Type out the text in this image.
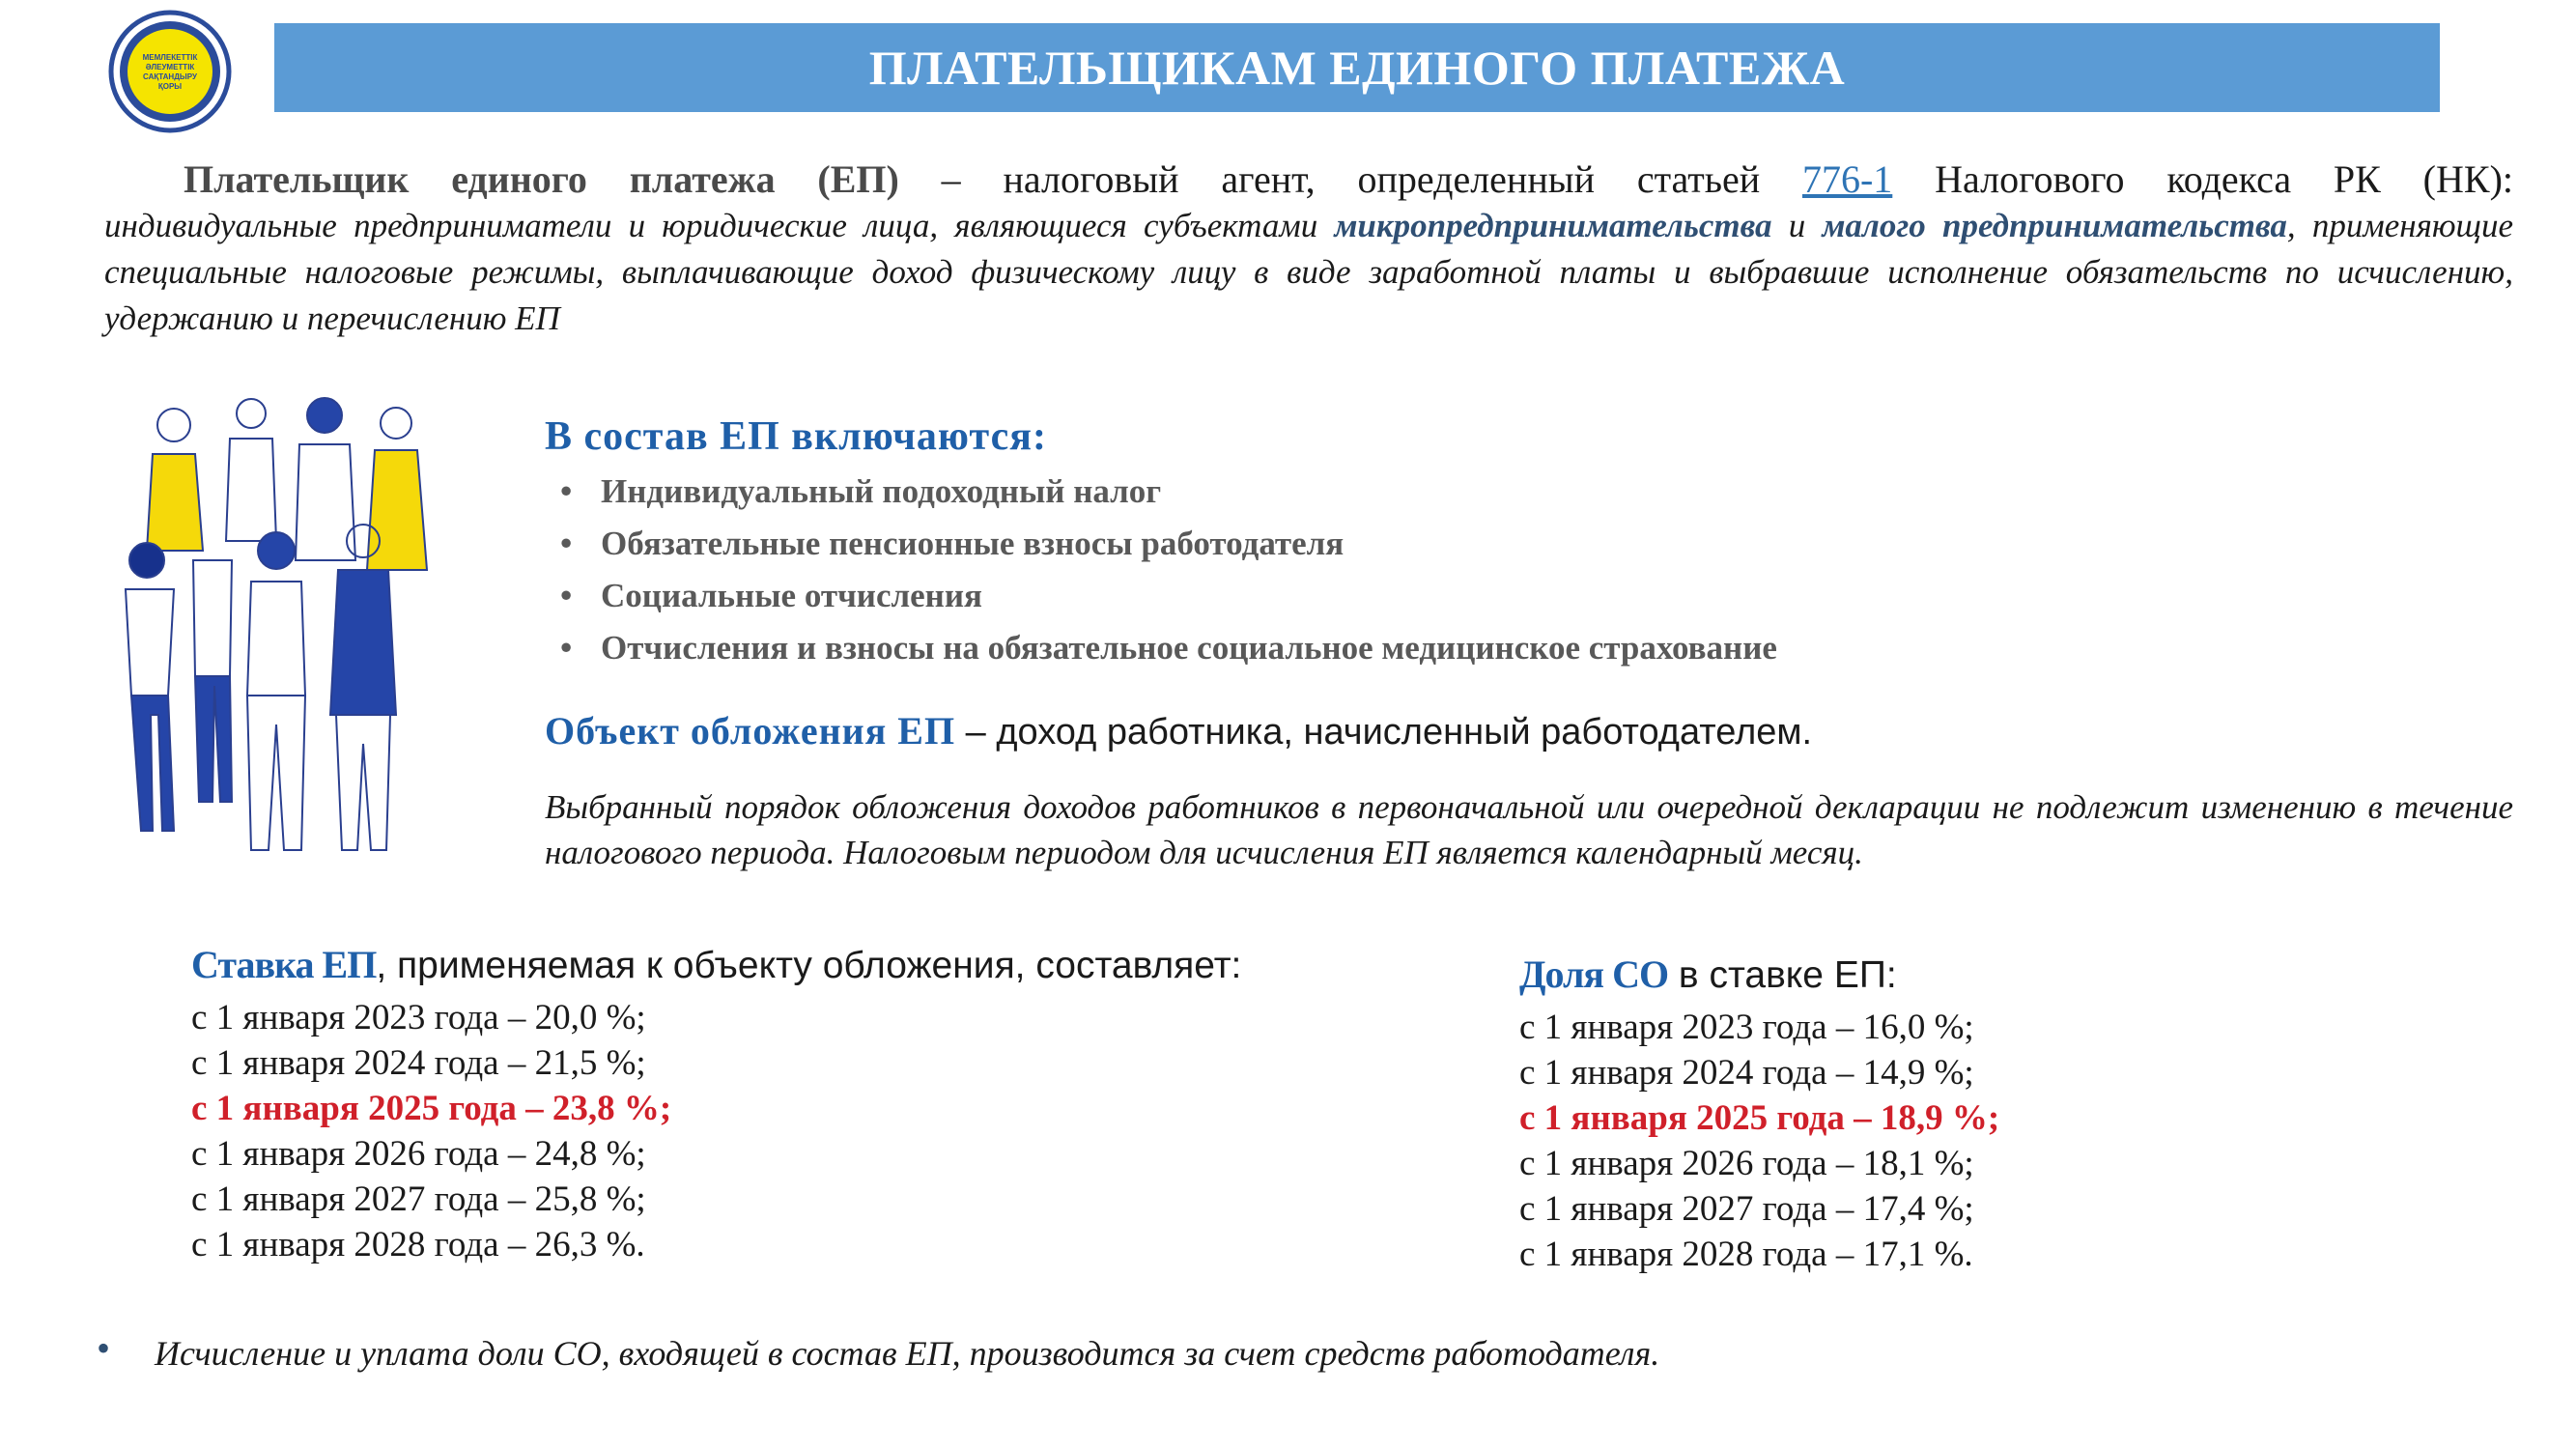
МЕМЛЕКЕТТІК
ӘЛЕУМЕТТІК
САҚТАНДЫРУ
ҚОРЫ	ПЛАТЕЛЬЩИКАМ ЕДИНОГО ПЛАТЕЖА
Плательщик единого платежа (ЕП) – налоговый агент, определенный статьей 776-1 Налогового кодекса РК (НК):
индивидуальные предприниматели и юридические лица, являющиеся субъектами микропредпринимательства и малого предпринимательства, применяющие специальные налоговые режимы, выплачивающие доход физическому лицу в виде заработной платы и выбравшие исполнение обязательств по исчислению, удержанию и перечислению ЕП
В состав ЕП включаются:
• Индивидуальный подоходный налог
• Обязательные пенсионные взносы работодателя
• Социальные отчисления
• Отчисления и взносы на обязательное социальное медицинское страхование
Объект обложения ЕП – доход работника, начисленный работодателем.
Выбранный порядок обложения доходов работников в первоначальной или очередной декларации не подлежит изменению в течение налогового периода. Налоговым периодом для исчисления ЕП является календарный месяц.
Ставка ЕП, применяемая к объекту обложения, составляет:
с 1 января 2023 года – 20,0 %;
с 1 января 2024 года – 21,5 %;
с 1 января 2025 года – 23,8 %;
с 1 января 2026 года – 24,8 %;
с 1 января 2027 года – 25,8 %;
с 1 января 2028 года – 26,3 %.
Доля СО в ставке ЕП:
с 1 января 2023 года – 16,0 %;
с 1 января 2024 года – 14,9 %;
с 1 января 2025 года – 18,9 %;
с 1 января 2026 года – 18,1 %;
с 1 января 2027 года – 17,4 %;
с 1 января 2028 года – 17,1 %.
• Исчисление и уплата доли СО, входящей в состав ЕП, производится за счет средств работодателя.
